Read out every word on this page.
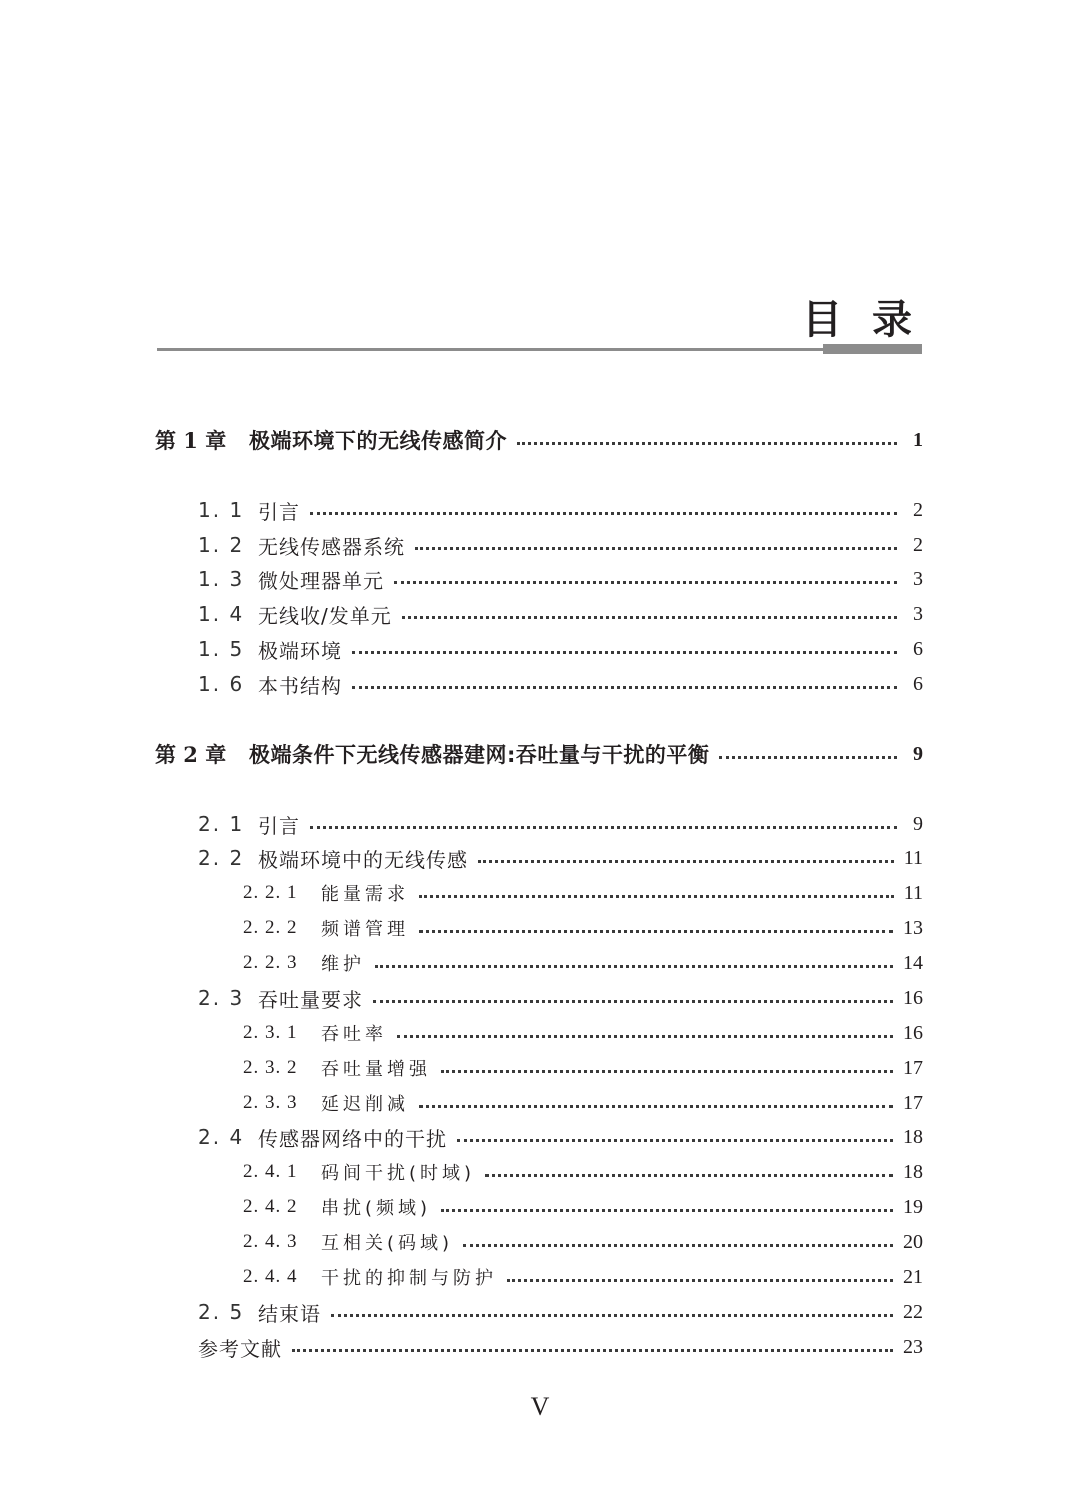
目 录
第 1 章	极端环境下的无线传感简介	1
1. 1 引言	2
1. 2 无线传感器系统	2
1. 3 微处理器单元	3
1. 4 无线收/发单元	3
1. 5 极端环境	6
1. 6 本书结构	6
第 2 章	极端条件下无线传感器建网:吞吐量与干扰的平衡	9
2. 1 引言	9
2. 2 极端环境中的无线传感	11
2. 2. 1	能量需求	11
2. 2. 2	频谱管理	13
2. 2. 3	维护	14
2. 3 吞吐量要求	16
2. 3. 1	吞吐率	16
2. 3. 2	吞吐量增强	17
2. 3. 3	延迟削减	17
2. 4 传感器网络中的干扰	18
2. 4. 1	码间干扰(时域)	18
2. 4. 2	串扰(频域)	19
2. 4. 3	互相关(码域)	20
2. 4. 4	干扰的抑制与防护	21
2. 5 结束语	22
参考文献	23
V
